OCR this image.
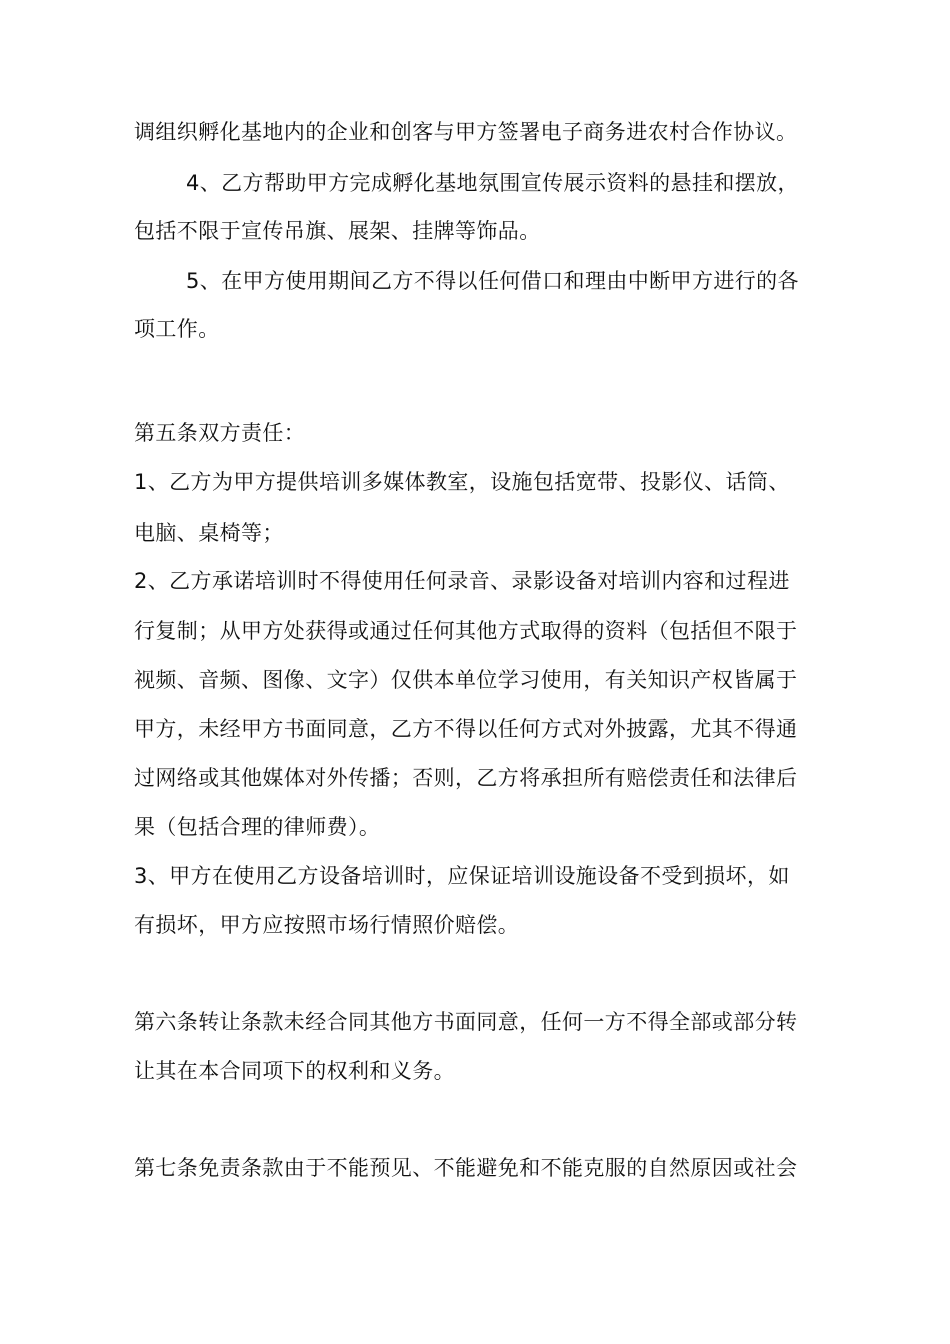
调组织孵化基地内的企业和创客与甲方签署电子商务进农村合作协议。
4、乙方帮助甲方完成孵化基地氛围宣传展示资料的悬挂和摆放，
包括不限于宣传吊旗、展架、挂牌等饰品。
5、在甲方使用期间乙方不得以任何借口和理由中断甲方进行的各
项工作。
第五条双方责任：
1、乙方为甲方提供培训多媒体教室，设施包括宽带、投影仪、话筒、
电脑、桌椅等；
2、乙方承诺培训时不得使用任何录音、录影设备对培训内容和过程进
行复制；从甲方处获得或通过任何其他方式取得的资料（包括但不限于
视频、音频、图像、文字）仅供本单位学习使用，有关知识产权皆属于
甲方，未经甲方书面同意，乙方不得以任何方式对外披露，尤其不得通
过网络或其他媒体对外传播；否则，乙方将承担所有赔偿责任和法律后
果（包括合理的律师费）。
3、甲方在使用乙方设备培训时，应保证培训设施设备不受到损坏，如
有损坏，甲方应按照市场行情照价赔偿。
第六条转让条款未经合同其他方书面同意，任何一方不得全部或部分转
让其在本合同项下的权利和义务。
第七条免责条款由于不能预见、不能避免和不能克服的自然原因或社会
